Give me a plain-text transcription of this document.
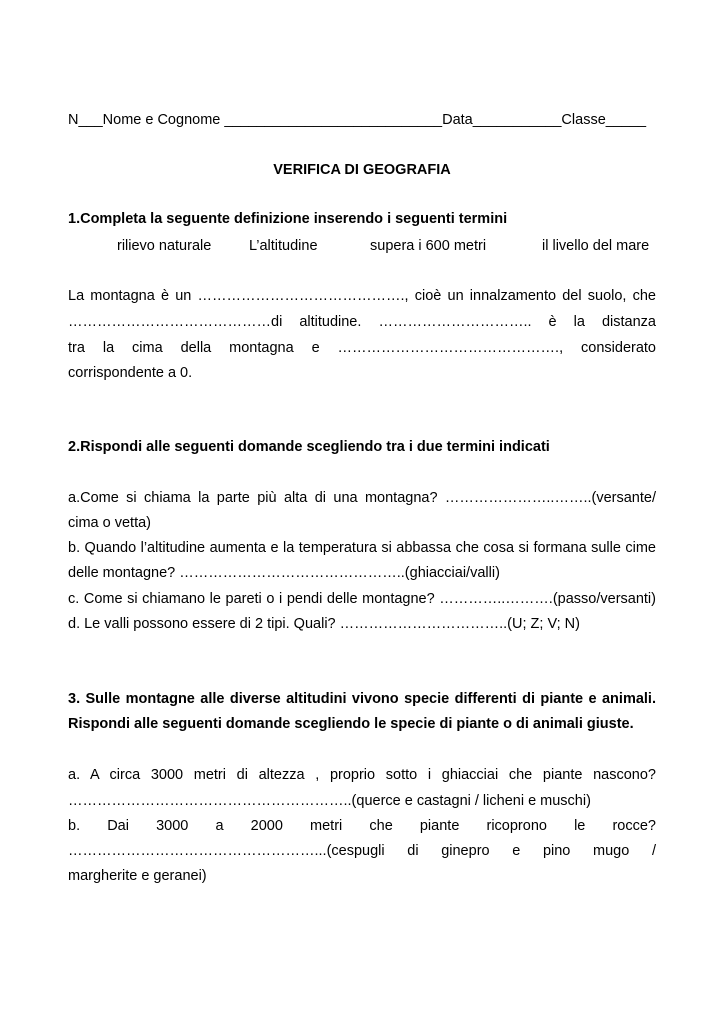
N___Nome e Cognome ___________________________Data___________Classe_____
VERIFICA DI GEOGRAFIA
1.Completa la seguente definizione inserendo i seguenti termini
rilievo naturale	L’altitudine	supera i 600 metri	il livello del mare
La montagna è un ……………………………………., cioè un innalzamento del suolo, che
……………………………………di altitudine. ………………………….. è la distanza
tra la cima della montagna e ………………………………………., considerato
corrispondente a 0.
2.Rispondi alle seguenti domande scegliendo tra i due termini indicati
a.Come si chiama la parte più alta di una montagna? …………………..……..(versante/
cima o vetta)
b. Quando l’altitudine aumenta e la temperatura si abbassa che cosa si formana sulle cime
delle montagne? ………………………………………..(ghiacciai/valli)
c. Come si chiamano le pareti o i pendi delle montagne? …………..……….(passo/versanti)
d. Le valli possono essere di 2 tipi. Quali? ……………………………..(U; Z; V; N)
3. Sulle montagne alle diverse altitudini vivono specie differenti di piante e animali.
Rispondi alle seguenti domande scegliendo le specie di piante o di animali giuste.
a. A circa 3000 metri di altezza , proprio sotto i ghiacciai che piante nascono?
…………………………………………………..(querce e castagni / licheni e muschi)
b. Dai 3000 a 2000 metri che piante ricoprono le rocce?
……………………………………………...(cespugli di ginepro e pino mugo /
margherite e geranei)
